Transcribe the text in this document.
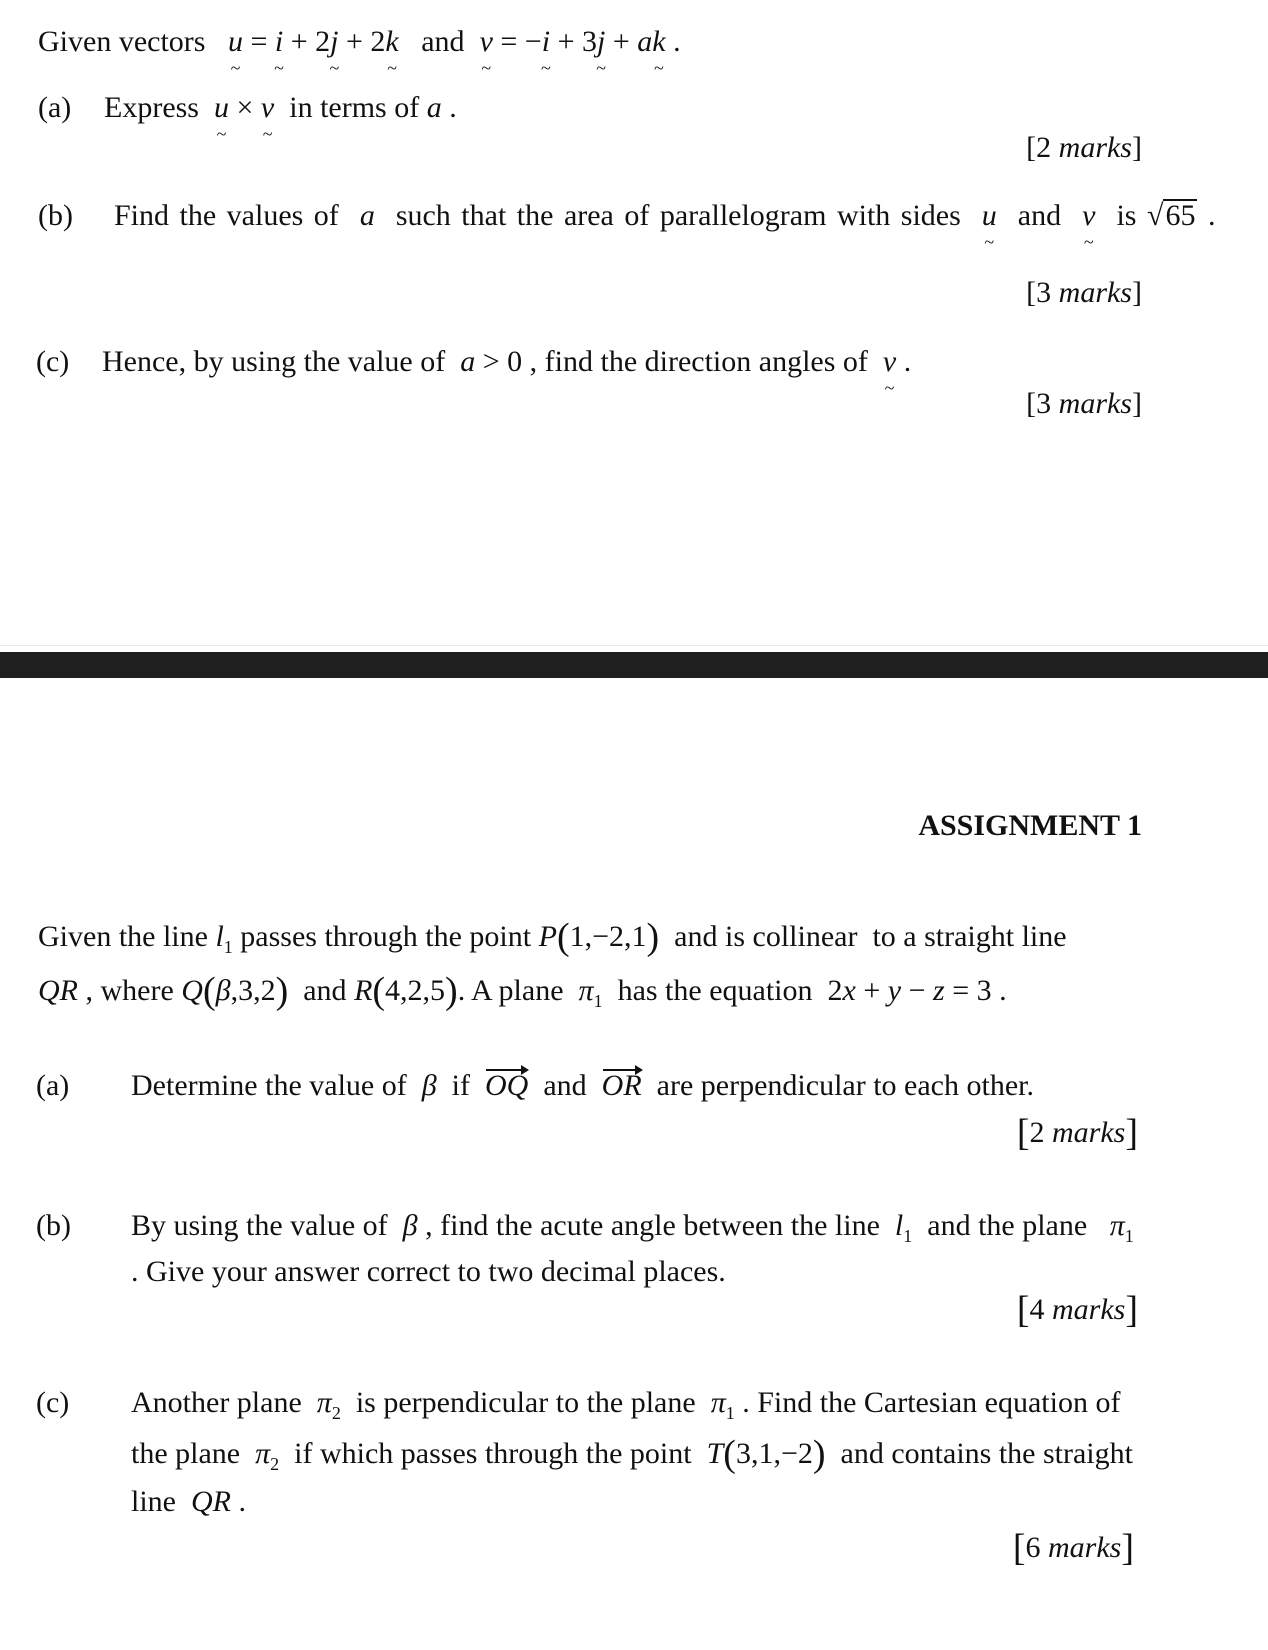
Given vectors u ~ = i ~ + 2j ~ + 2k ~ and v ~ = −i ~ + 3j ~ + ak ~ .
(a) Express  u ~ × v ~  in terms of a .
[2 marks]
(b) Find the values of  a  such that the area of parallelogram with sides  u ~  and  v ~  is √65 .
[3 marks]
(c) Hence, by using the value of  a > 0 , find the direction angles of  v ~ .
[3 marks]
ASSIGNMENT 1
Given the line $l_1$ passes through the point P(1,−2,1)  and is collinear  to a straight line
QR , where Q(β,3,2)  and R(4,2,5). A plane  $\pi_1$  has the equation  2x + y − z = 3 .
(a) Determine the value of  β  if  OQ  and  OR  are perpendicular to each other.
[2 marks]
(b) By using the value of  β , find the acute angle between the line  $l_1$  and the plane   $\pi_1$
. Give your answer correct to two decimal places.
[4 marks]
(c) Another plane  $\pi_2$  is perpendicular to the plane  $\pi_1$ . Find the Cartesian equation of
the plane  $\pi_2$  if which passes through the point  T(3,1,−2)  and contains the straight
line  QR .
[6 marks]
